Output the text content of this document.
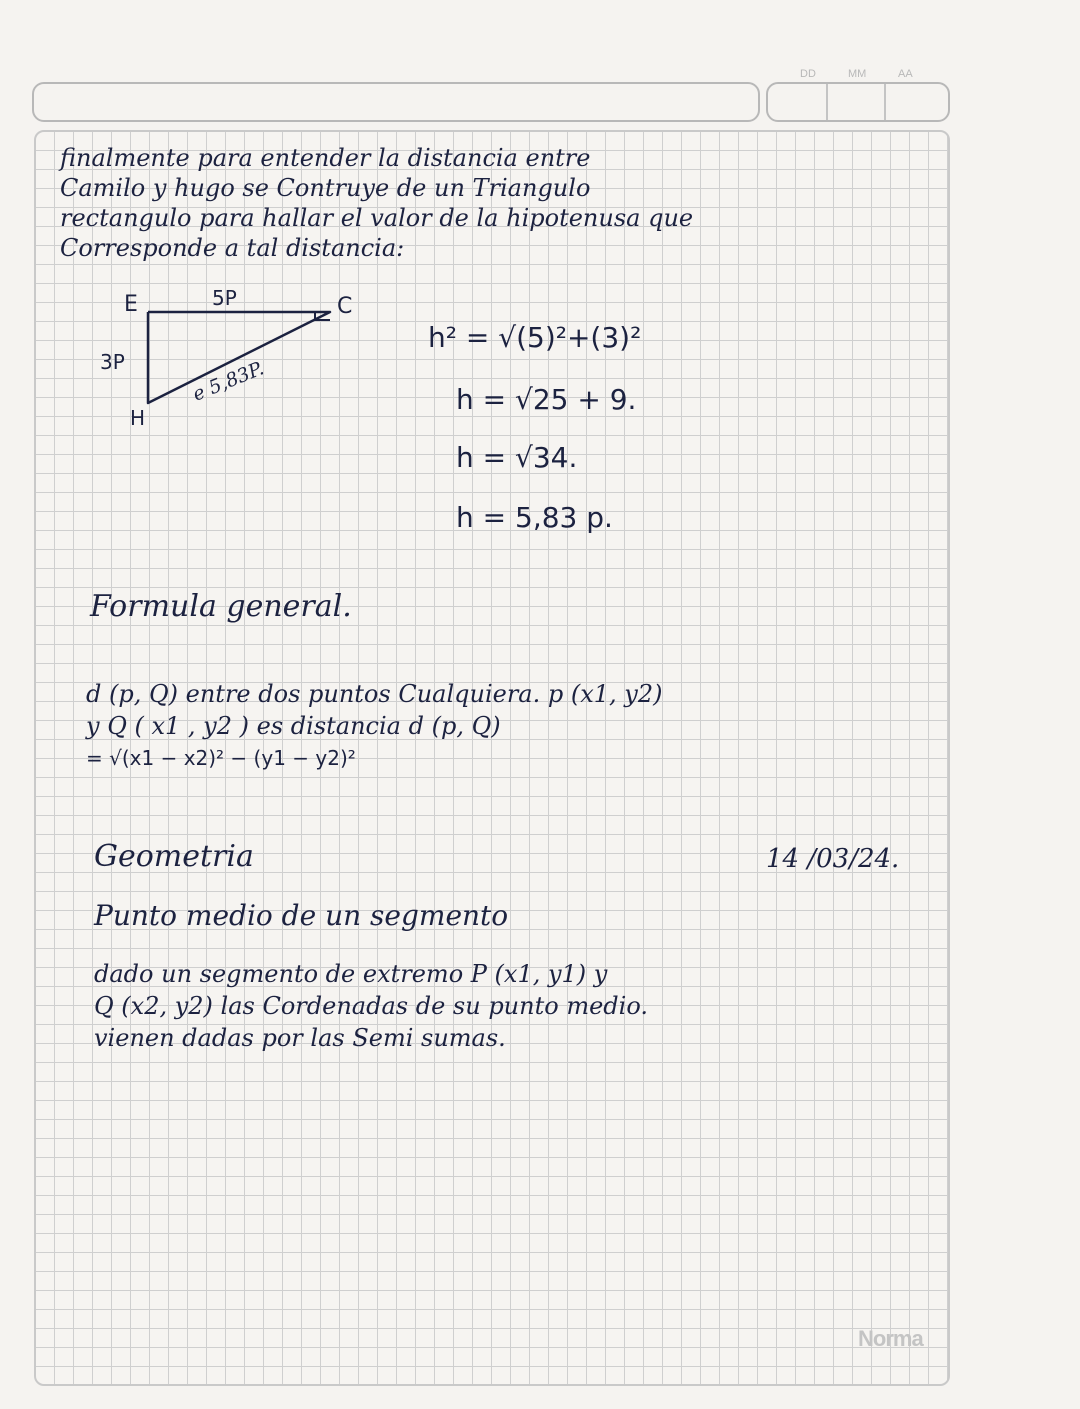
DD	MM	AA
finalmente para entender la distancia entre
Camilo y hugo se Contruye de un Triangulo
rectangulo para hallar el valor de la hipotenusa que
Corresponde a tal distancia:
h² = √(5)²+(3)²
h = √25 + 9.
h = √34.
h = 5,83 p.
Formula general.
d (p, Q) entre dos puntos Cualquiera. p (x1, y2)
y Q ( x1 , y2 ) es distancia d (p, Q)
= √(x1 − x2)² − (y1 − y2)²
Geometria	14 /03/24.
Punto medio de un segmento
dado un segmento de extremo P (x1, y1) y
Q (x2, y2) las Cordenadas de su punto medio.
vienen dadas por las Semi sumas.
E	C
H
5P
3P	e 5,83P.
Norma
